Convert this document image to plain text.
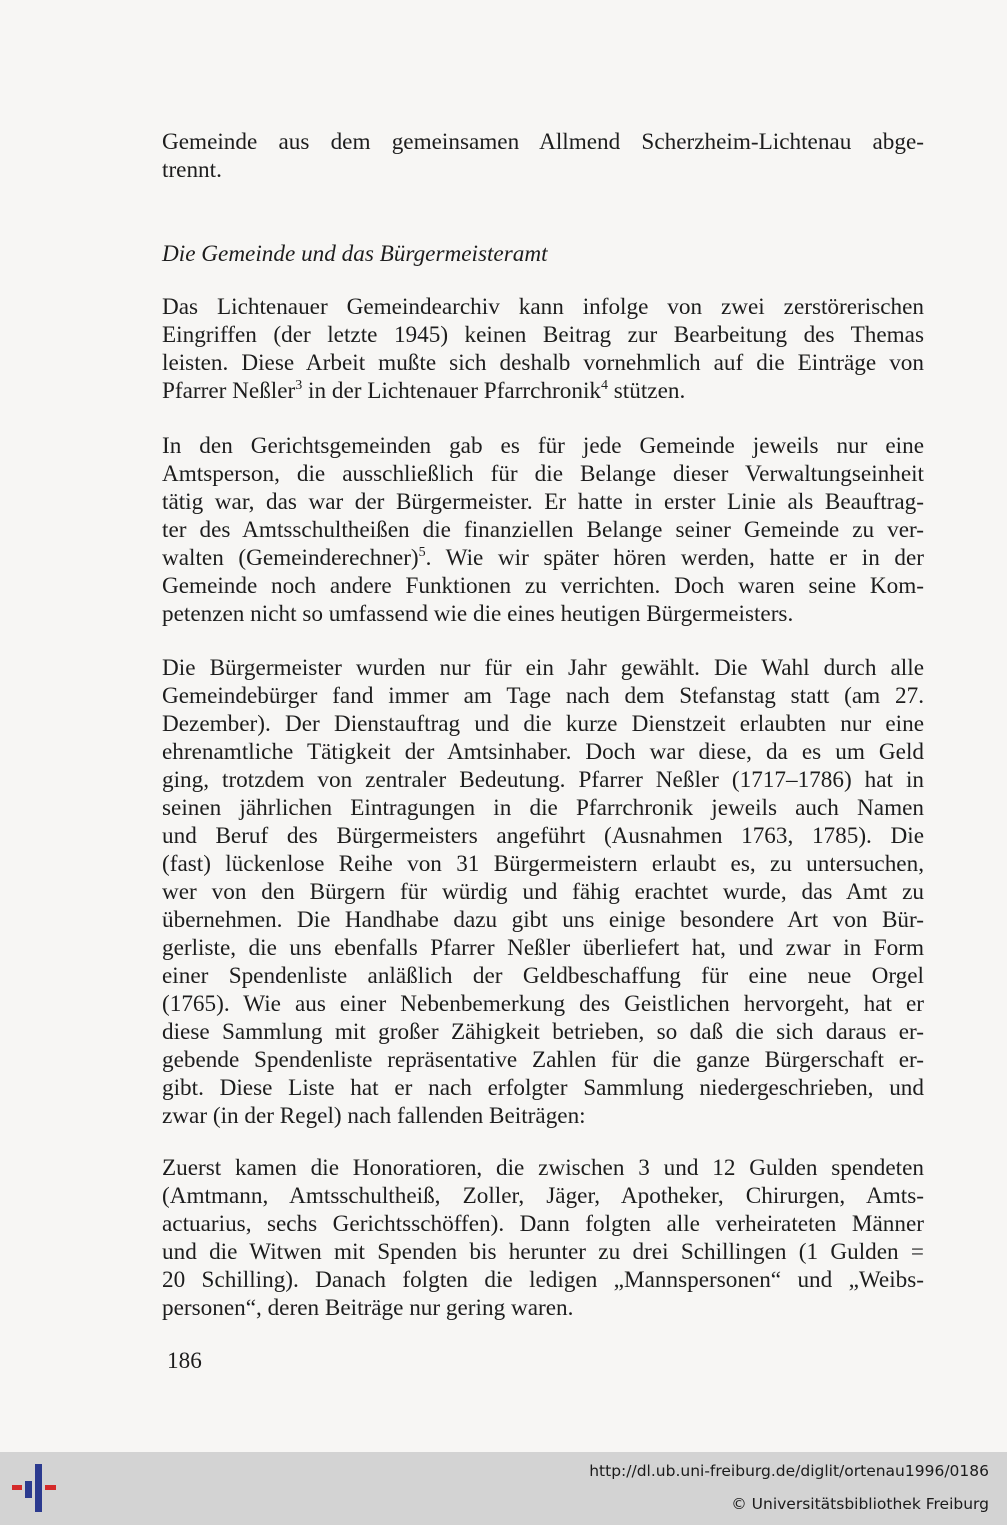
Gemeinde aus dem gemeinsamen Allmend Scherzheim-Lichtenau abge-
trennt.
Die Gemeinde und das Bürgermeisteramt
Das Lichtenauer Gemeindearchiv kann infolge von zwei zerstörerischen
Eingriffen (der letzte 1945) keinen Beitrag zur Bearbeitung des Themas
leisten. Diese Arbeit mußte sich deshalb vornehmlich auf die Einträge von
Pfarrer Neßler$^3$ in der Lichtenauer Pfarrchronik$^4$ stützen.
In den Gerichtsgemeinden gab es für jede Gemeinde jeweils nur eine
Amtsperson, die ausschließlich für die Belange dieser Verwaltungseinheit
tätig war, das war der Bürgermeister. Er hatte in erster Linie als Beauftrag-
ter des Amtsschultheißen die finanziellen Belange seiner Gemeinde zu ver-
walten (Gemeinderechner)$^5$. Wie wir später hören werden, hatte er in der
Gemeinde noch andere Funktionen zu verrichten. Doch waren seine Kom-
petenzen nicht so umfassend wie die eines heutigen Bürgermeisters.
Die Bürgermeister wurden nur für ein Jahr gewählt. Die Wahl durch alle
Gemeindebürger fand immer am Tage nach dem Stefanstag statt (am 27.
Dezember). Der Dienstauftrag und die kurze Dienstzeit erlaubten nur eine
ehrenamtliche Tätigkeit der Amtsinhaber. Doch war diese, da es um Geld
ging, trotzdem von zentraler Bedeutung. Pfarrer Neßler (1717–1786) hat in
seinen jährlichen Eintragungen in die Pfarrchronik jeweils auch Namen
und Beruf des Bürgermeisters angeführt (Ausnahmen 1763, 1785). Die
(fast) lückenlose Reihe von 31 Bürgermeistern erlaubt es, zu untersuchen,
wer von den Bürgern für würdig und fähig erachtet wurde, das Amt zu
übernehmen. Die Handhabe dazu gibt uns einige besondere Art von Bür-
gerliste, die uns ebenfalls Pfarrer Neßler überliefert hat, und zwar in Form
einer Spendenliste anläßlich der Geldbeschaffung für eine neue Orgel
(1765). Wie aus einer Nebenbemerkung des Geistlichen hervorgeht, hat er
diese Sammlung mit großer Zähigkeit betrieben, so daß die sich daraus er-
gebende Spendenliste repräsentative Zahlen für die ganze Bürgerschaft er-
gibt. Diese Liste hat er nach erfolgter Sammlung niedergeschrieben, und
zwar (in der Regel) nach fallenden Beiträgen:
Zuerst kamen die Honoratioren, die zwischen 3 und 12 Gulden spendeten
(Amtmann, Amtsschultheiß, Zoller, Jäger, Apotheker, Chirurgen, Amts-
actuarius, sechs Gerichtsschöffen). Dann folgten alle verheirateten Männer
und die Witwen mit Spenden bis herunter zu drei Schillingen (1 Gulden =
20 Schilling). Danach folgten die ledigen „Mannspersonen“ und „Weibs-
personen“, deren Beiträge nur gering waren.
186
http://dl.ub.uni-freiburg.de/diglit/ortenau1996/0186
© Universitätsbibliothek Freiburg
